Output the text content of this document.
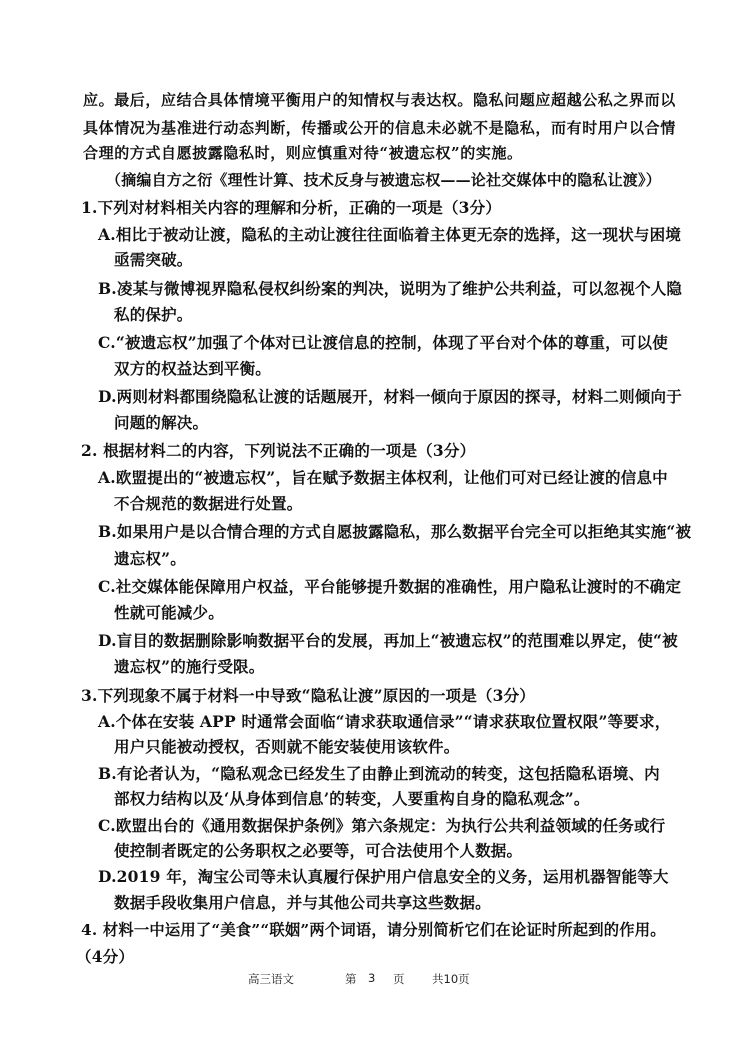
应。最后，应结合具体情境平衡用户的知情权与表达权。隐私问题应超越公私之界而以
具体情况为基准进行动态判断，传播或公开的信息未必就不是隐私，而有时用户以合情
合理的方式自愿披露隐私时，则应慎重对待“被遗忘权”的实施。
（摘编自方之衍《理性计算、技术反身与被遗忘权——论社交媒体中的隐私让渡》）
1.下列对材料相关内容的理解和分析，正确的一项是（3分）
A.相比于被动让渡，隐私的主动让渡往往面临着主体更无奈的选择，这一现状与困境
亟需突破。
B.凌某与微博视界隐私侵权纠纷案的判决，说明为了维护公共利益，可以忽视个人隐
私的保护。
C.“被遗忘权”加强了个体对已让渡信息的控制，体现了平台对个体的尊重，可以使
双方的权益达到平衡。
D.两则材料都围绕隐私让渡的话题展开，材料一倾向于原因的探寻，材料二则倾向于
问题的解决。
2. 根据材料二的内容，下列说法不正确的一项是（3分）
A.欧盟提出的“被遗忘权”，旨在赋予数据主体权利，让他们可对已经让渡的信息中
不合规范的数据进行处置。
B.如果用户是以合情合理的方式自愿披露隐私，那么数据平台完全可以拒绝其实施“被
遗忘权”。
C.社交媒体能保障用户权益，平台能够提升数据的准确性，用户隐私让渡时的不确定
性就可能减少。
D.盲目的数据删除影响数据平台的发展，再加上“被遗忘权”的范围难以界定，使“被
遗忘权”的施行受限。
3.下列现象不属于材料一中导致“隐私让渡”原因的一项是（3分）
A.个体在安装 APP 时通常会面临“请求获取通信录”“请求获取位置权限”等要求，
用户只能被动授权，否则就不能安装使用该软件。
B.有论者认为，“隐私观念已经发生了由静止到流动的转变，这包括隐私语境、内
部权力结构以及‘从身体到信息’的转变，人要重构自身的隐私观念”。
C.欧盟出台的《通用数据保护条例》第六条规定：为执行公共利益领域的任务或行
使控制者既定的公务职权之必要等，可合法使用个人数据。
D.2019 年，淘宝公司等未认真履行保护用户信息安全的义务，运用机器智能等大
数据手段收集用户信息，并与其他公司共享这些数据。
4. 材料一中运用了“美食”“联姻”两个词语，请分别简析它们在论证时所起到的作用。
（4分）
高三语文	第 3 页 共10页
